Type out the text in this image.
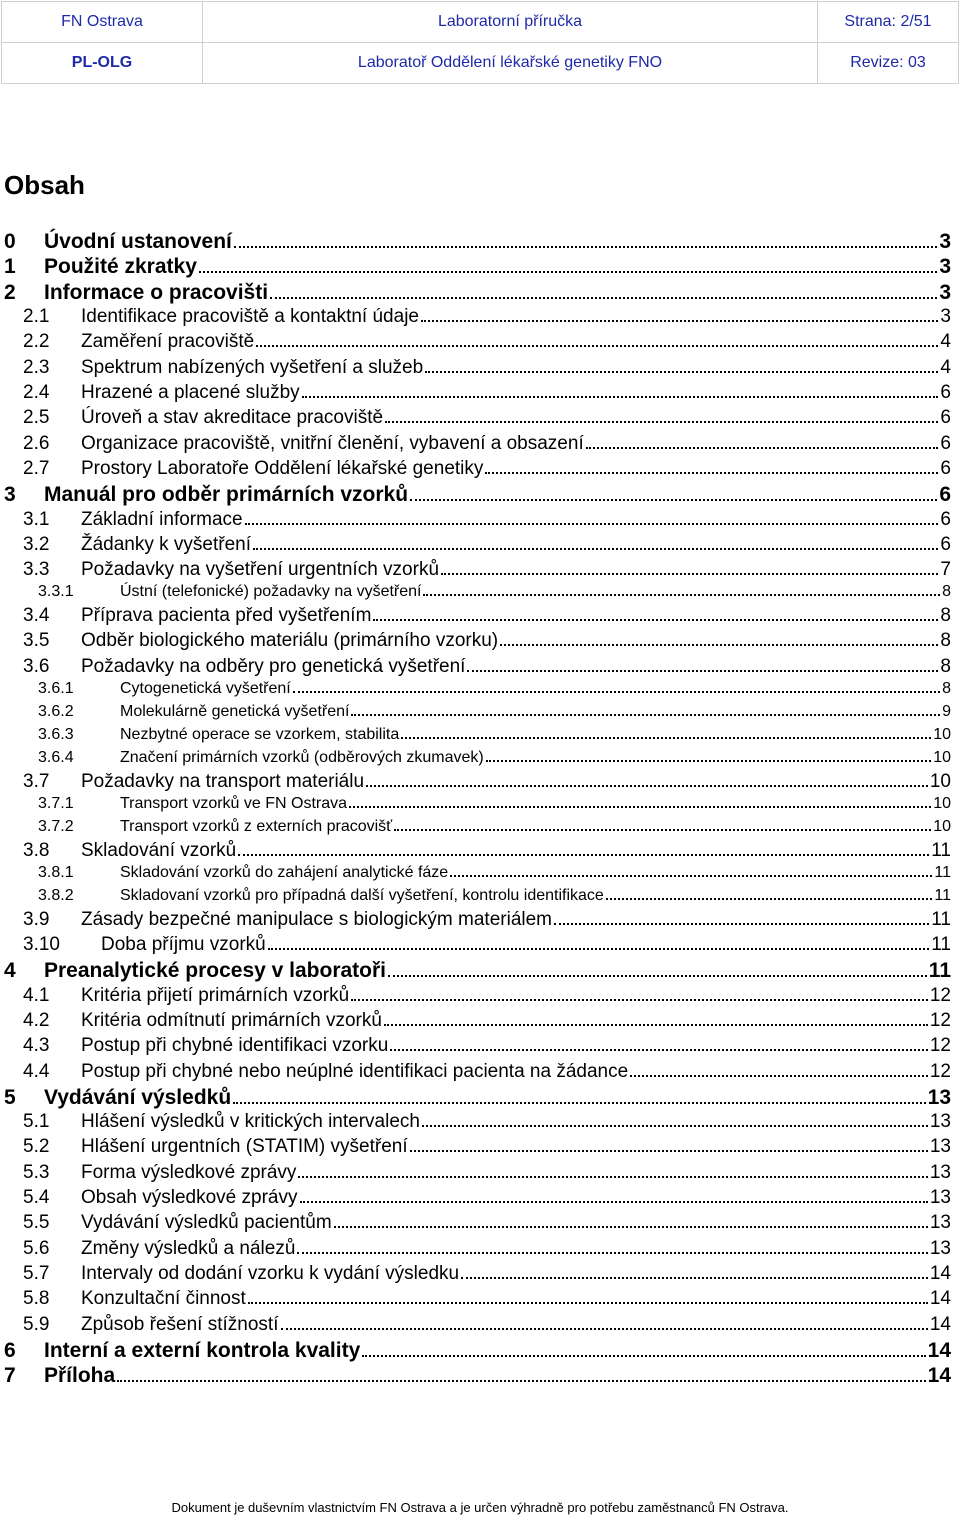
FN Ostrava	Laboratorní příručka	Strana: 2/51
PL-OLG	Laboratoř Oddělení lékařské genetiky FNO	Revize: 03
Obsah
0	Úvodní ustanovení	3
1	Použité zkratky	3
2	Informace o pracovišti	3
2.1	Identifikace pracoviště a kontaktní údaje	3
2.2	Zaměření pracoviště	4
2.3	Spektrum nabízených vyšetření a služeb	4
2.4	Hrazené a placené služby	6
2.5	Úroveň a stav akreditace pracoviště	6
2.6	Organizace pracoviště, vnitřní členění, vybavení a obsazení	6
2.7	Prostory Laboratoře Oddělení lékařské genetiky	6
3	Manuál pro odběr primárních vzorků	6
3.1	Základní informace	6
3.2	Žádanky k vyšetření	6
3.3	Požadavky na vyšetření urgentních vzorků	7
3.3.1	Ústní (telefonické) požadavky na vyšetření	8
3.4	Příprava pacienta před vyšetřením	8
3.5	Odběr biologického materiálu (primárního vzorku)	8
3.6	Požadavky na odběry pro genetická vyšetření	8
3.6.1	Cytogenetická vyšetření	8
3.6.2	Molekulárně genetická vyšetření	9
3.6.3	Nezbytné operace se vzorkem, stabilita	10
3.6.4	Značení primárních vzorků (odběrových zkumavek)	10
3.7	Požadavky na transport materiálu	10
3.7.1	Transport vzorků ve FN Ostrava	10
3.7.2	Transport vzorků z externích pracovišť	10
3.8	Skladování vzorků	11
3.8.1	Skladování vzorků do zahájení analytické fáze	11
3.8.2	Skladovaní vzorků pro případná další vyšetření, kontrolu identifikace	11
3.9	Zásady bezpečné manipulace s biologickým materiálem	11
3.10	Doba příjmu vzorků	11
4	Preanalytické procesy v laboratoři	11
4.1	Kritéria přijetí primárních vzorků	12
4.2	Kritéria odmítnutí primárních vzorků	12
4.3	Postup při chybné identifikaci vzorku	12
4.4	Postup při chybné nebo neúplné identifikaci pacienta na žádance	12
5	Vydávání výsledků	13
5.1	Hlášení výsledků v kritických intervalech	13
5.2	Hlášení urgentních (STATIM) vyšetření	13
5.3	Forma výsledkové zprávy	13
5.4	Obsah výsledkové zprávy	13
5.5	Vydávání výsledků pacientům	13
5.6	Změny výsledků a nálezů	13
5.7	Intervaly od dodání vzorku k vydání výsledku	14
5.8	Konzultační činnost	14
5.9	Způsob řešení stížností	14
6	Interní a externí kontrola kvality	14
7	Příloha	14
Dokument je duševním vlastnictvím FN Ostrava a je určen výhradně pro potřebu zaměstnanců FN Ostrava.
